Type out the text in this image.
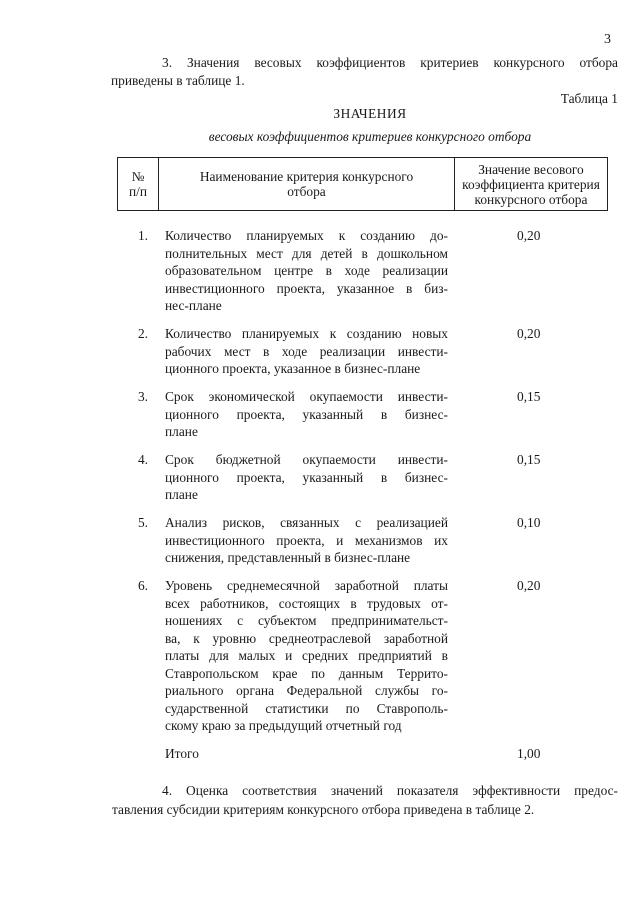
3
3. Значения весовых коэффициентов критериев конкурсного отбора
приведены в таблице 1.
Таблица 1
ЗНАЧЕНИЯ
весовых коэффициентов критериев конкурсного отбора
№
п/п
Наименование критерия конкурсного
отбора
Значение весового
коэффициента критерия
конкурсного отбора
1. Количество планируемых к созданию до-
полнительных мест для детей в дошкольном
образовательном центре в ходе реализации
инвестиционного проекта, указанное в биз-
нес-плане
0,20
2. Количество планируемых к созданию новых
рабочих мест в ходе реализации инвести-
ционного проекта, указанное в бизнес-плане
0,20
3. Срок экономической окупаемости инвести-
ционного проекта, указанный в бизнес-
плане
0,15
4. Срок бюджетной окупаемости инвести-
ционного проекта, указанный в бизнес-
плане
0,15
5. Анализ рисков, связанных с реализацией
инвестиционного проекта, и механизмов их
снижения, представленный в бизнес-плане
0,10
6. Уровень среднемесячной заработной платы
всех работников, состоящих в трудовых от-
ношениях с субъектом предпринимательст-
ва, к уровню среднеотраслевой заработной
платы для малых и средних предприятий в
Ставропольском крае по данным Террито-
риального органа Федеральной службы го-
сударственной статистики по Ставрополь-
скому краю за предыдущий отчетный год
0,20
Итого	1,00
4. Оценка соответствия значений показателя эффективности предос-
тавления субсидии критериям конкурсного отбора приведена в таблице 2.
